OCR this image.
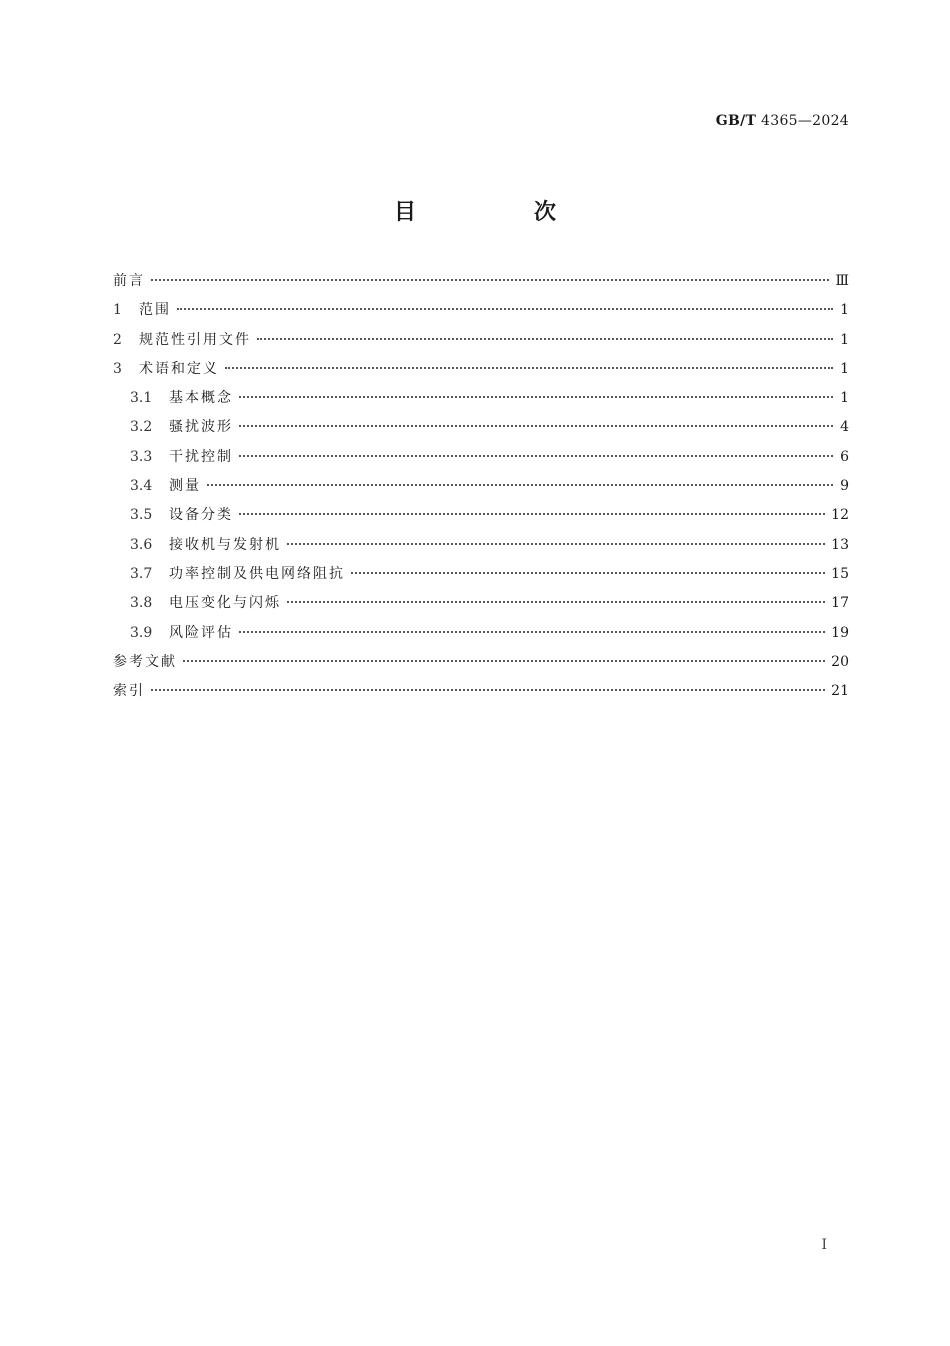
GB/T 4365—2024
目　次
前言	Ⅲ
1	范围	1
2	规范性引用文件	1
3	术语和定义	1
3.1	基本概念	1
3.2	骚扰波形	4
3.3	干扰控制	6
3.4	测量	9
3.5	设备分类	12
3.6	接收机与发射机	13
3.7	功率控制及供电网络阻抗	15
3.8	电压变化与闪烁	17
3.9	风险评估	19
参考文献	20
索引	21
I
